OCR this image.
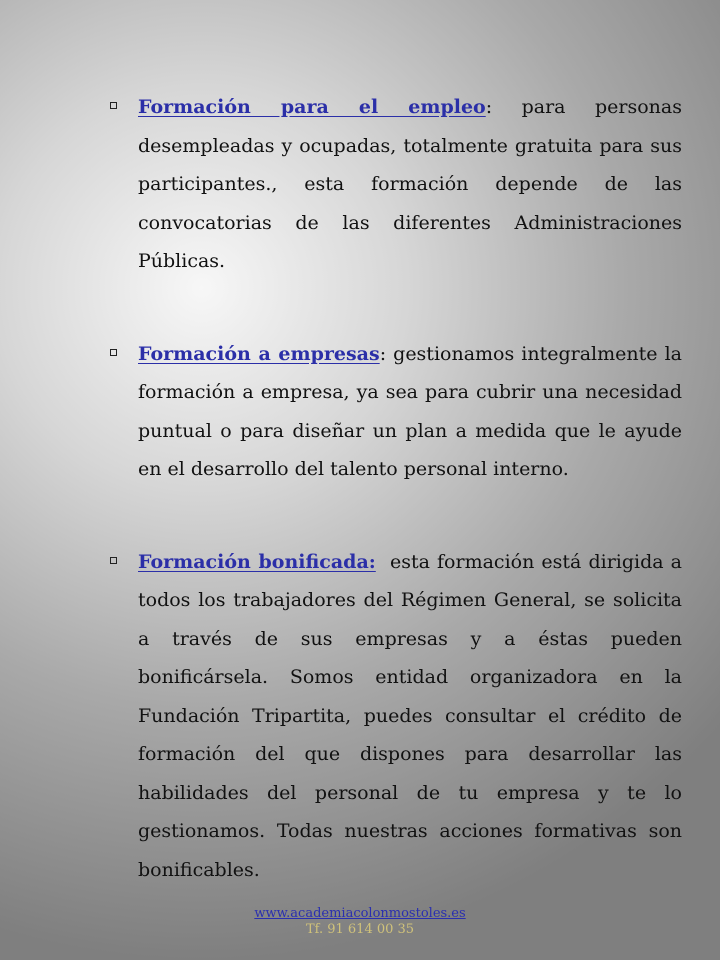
Formación para el empleo: para personas desempleadas y ocupadas, totalmente gratuita para sus participantes., esta formación depende de las convocatorias de las diferentes Administraciones Públicas.
Formación a empresas: gestionamos integralmente la formación a empresa, ya sea para cubrir una necesidad puntual o para diseñar un plan a medida que le ayude en el desarrollo del talento personal interno.
Formación bonificada:  esta formación está dirigida a todos los trabajadores del Régimen General, se solicita a través de sus empresas y a éstas pueden bonificársela. Somos entidad organizadora en la Fundación Tripartita, puedes consultar el crédito de formación del que dispones para desarrollar las habilidades del personal de tu empresa y te lo gestionamos. Todas nuestras acciones formativas son bonificables.
www.academiacolonmostoles.es
Tf. 91 614 00 35
